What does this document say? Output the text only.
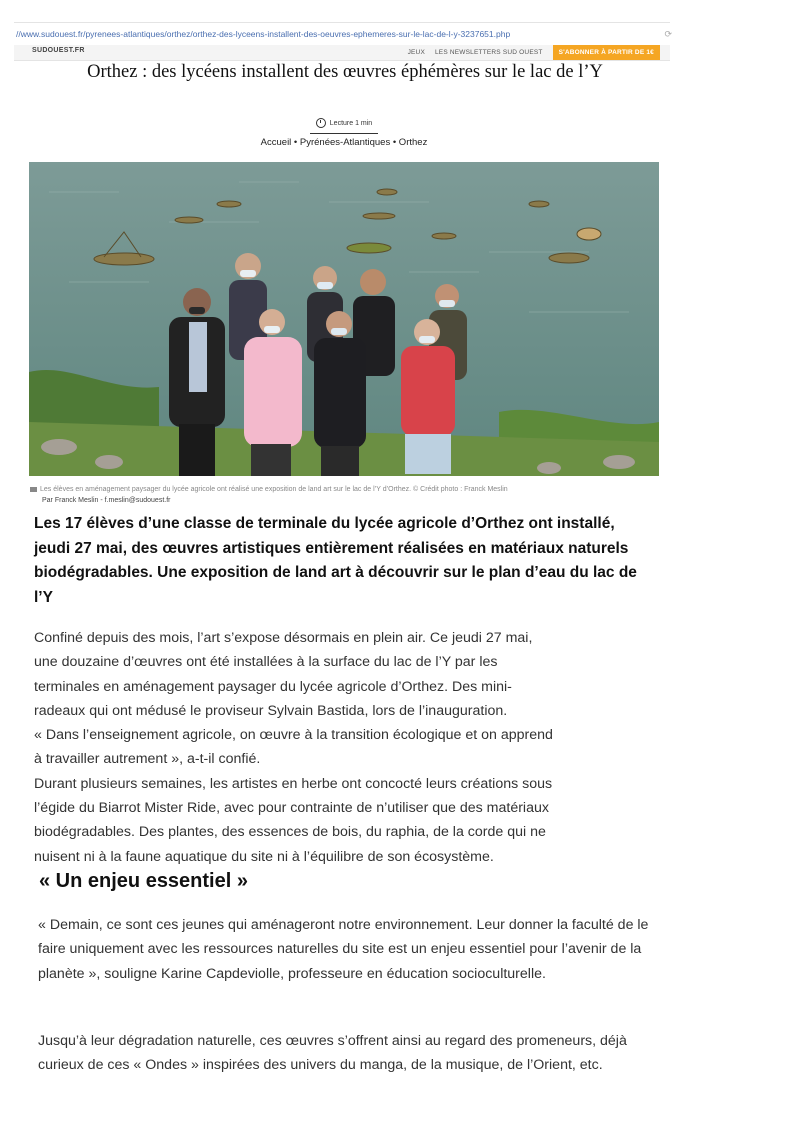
//www.sudouest.fr/pyrenees-atlantiques/orthez/orthez-des-lyceens-installent-des-oeuvres-ephemeres-sur-le-lac-de-l-y-3237651.php	⟳
SUDOUEST.FR	JEUX LES NEWSLETTERS SUD OUEST	S'ABONNER À PARTIR DE 1€
Orthez : des lycéens installent des œuvres éphémères sur le lac de l’Y
Lecture 1 min
Accueil • Pyrénées-Atlantiques • Orthez
Les élèves en aménagement paysager du lycée agricole ont réalisé une exposition de land art sur le lac de l’Y d’Orthez. © Crédit photo : Franck Meslin
Par Franck Meslin - f.meslin@sudouest.fr

Les 17 élèves d’une classe de terminale du lycée agricole d’Orthez ont installé, jeudi 27 mai, des œuvres artistiques entièrement réalisées en matériaux naturels biodégradables. Une exposition de land art à découvrir sur le plan d’eau du lac de l’Y

Confiné depuis des mois, l’art s’expose désormais en plein air. Ce jeudi 27 mai,
une douzaine d’œuvres ont été installées à la surface du lac de l’Y par les
terminales en aménagement paysager du lycée agricole d’Orthez. Des mini-
radeaux qui ont médusé le proviseur Sylvain Bastida, lors de l’inauguration.
« Dans l’enseignement agricole, on œuvre à la transition écologique et on apprend
à travailler autrement », a-t-il confié.
Durant plusieurs semaines, les artistes en herbe ont concocté leurs créations sous
l’égide du Biarrot Mister Ride, avec pour contrainte de n’utiliser que des matériaux
biodégradables. Des plantes, des essences de bois, du raphia, de la corde qui ne
nuisent ni à la faune aquatique du site ni à l’équilibre de son écosystème.
« Un enjeu essentiel »

« Demain, ce sont ces jeunes qui aménageront notre environnement. Leur donner la faculté de le faire uniquement avec les ressources naturelles du site est un enjeu essentiel pour l’avenir de la planète », souligne Karine Capdeviolle, professeure en éducation socioculturelle.

Jusqu’à leur dégradation naturelle, ces œuvres s’offrent ainsi au regard des promeneurs, déjà curieux de ces « Ondes » inspirées des univers du manga, de la musique, de l’Orient, etc.
